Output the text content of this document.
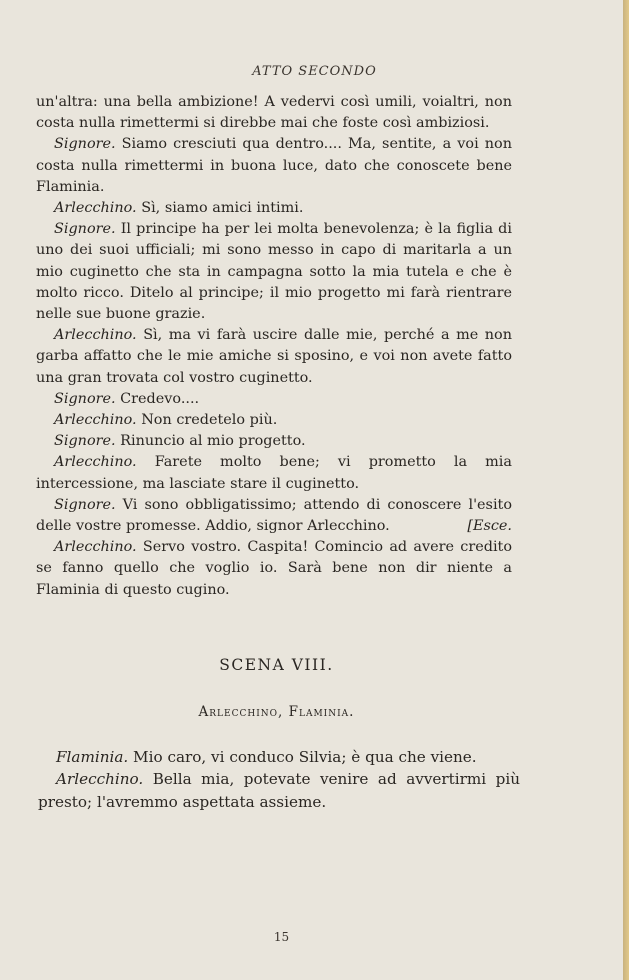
ATTO SECONDO

un'altra: una bella ambizione! A vedervi così umili, voialtri, non costa nulla rimettermi si direbbe mai che foste così ambiziosi.

Signore. Siamo cresciuti qua dentro.... Ma, sentite, a voi non costa nulla rimettermi in buona luce, dato che conoscete bene Flaminia.

Arlecchino. Sì, siamo amici intimi.

Signore. Il principe ha per lei molta benevolenza; è la figlia di uno dei suoi ufficiali; mi sono messo in capo di maritarla a un mio cuginetto che sta in campagna sotto la mia tutela e che è molto ricco. Ditelo al principe; il mio progetto mi farà rientrare nelle sue buone grazie.

Arlecchino. Sì, ma vi farà uscire dalle mie, perché a me non garba affatto che le mie amiche si sposino, e voi non avete fatto una gran trovata col vostro cuginetto.

Signore. Credevo....

Arlecchino. Non credetelo più.

Signore. Rinuncio al mio progetto.

Arlecchino. Farete molto bene; vi prometto la mia intercessione, ma lasciate stare il cuginetto.

Signore. Vi sono obbligatissimo; attendo di conoscere l'esito delle vostre promesse. Addio, signor Arlecchino.	[Esce.

Arlecchino. Servo vostro. Caspita! Comincio ad avere credito se fanno quello che voglio io. Sarà bene non dir niente a Flaminia di questo cugino.

SCENA VIII.
Arlecchino, Flaminia.

Flaminia. Mio caro, vi conduco Silvia; è qua che viene.

Arlecchino. Bella mia, potevate venire ad avvertirmi più presto; l'avremmo aspettata assieme.

15
